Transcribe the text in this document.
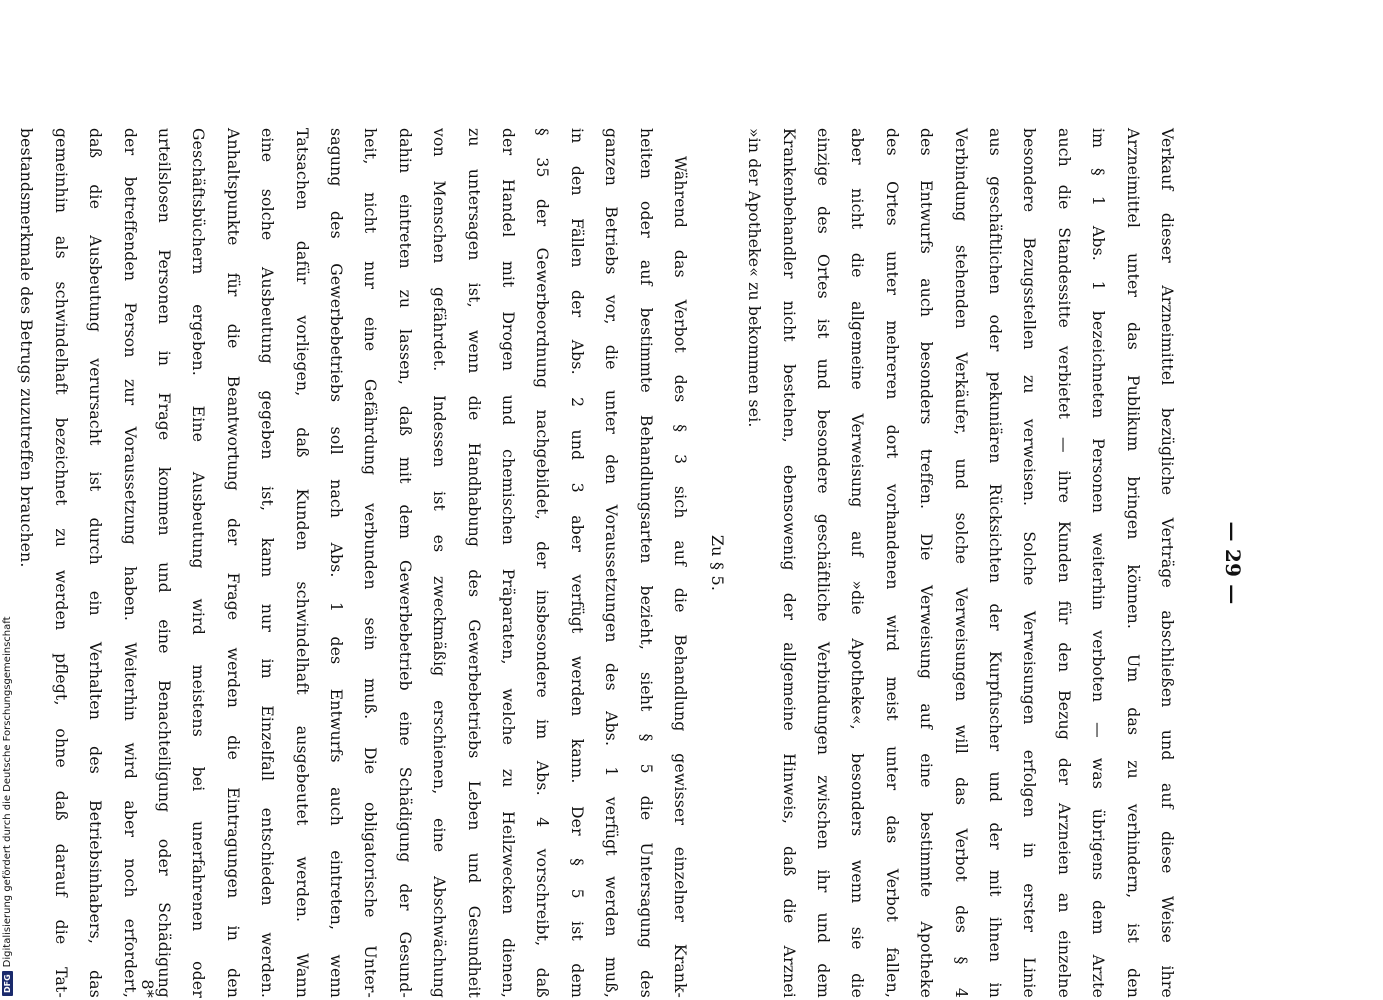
— 29 —
Verkauf dieser Arzneimittel bezügliche Verträge abschließen und auf diese Weise ihre
Arzneimittel unter das Publikum bringen können. Um das zu verhindern, ist den
im § 1 Abs. 1 bezeichneten Personen weiterhin verboten — was übrigens dem Arzte
auch die Standessitte verbietet — ihre Kunden für den Bezug der Arzneien an einzelne
besondere Bezugsstellen zu verweisen. Solche Verweisungen erfolgen in erster Linie
aus geschäftlichen oder pekuniären Rücksichten der Kurpfuscher und der mit ihnen in
Verbindung stehenden Verkäufer, und solche Verweisungen will das Verbot des § 4
des Entwurfs auch besonders treffen. Die Verweisung auf eine bestimmte Apotheke
des Ortes unter mehreren dort vorhandenen wird meist unter das Verbot fallen,
aber nicht die allgemeine Verweisung auf »die Apotheke«, besonders wenn sie die
einzige des Ortes ist und besondere geschäftliche Verbindungen zwischen ihr und dem
Krankenbehandler nicht bestehen, ebensowenig der allgemeine Hinweis, daß die Arznei
»in der Apotheke« zu bekommen sei.
Zu § 5.
Während das Verbot des § 3 sich auf die Behandlung gewisser einzelner Krank-
heiten oder auf bestimmte Behandlungsarten bezieht, sieht § 5 die Untersagung des
ganzen Betriebs vor, die unter den Voraussetzungen des Abs. 1 verfügt werden muß,
in den Fällen der Abs. 2 und 3 aber verfügt werden kann. Der § 5 ist dem
§ 35 der Gewerbeordnung nachgebildet, der insbesondere im Abs. 4 vorschreibt, daß
der Handel mit Drogen und chemischen Präparaten, welche zu Heilzwecken dienen,
zu untersagen ist, wenn die Handhabung des Gewerbebetriebs Leben und Gesundheit
von Menschen gefährdet. Indessen ist es zweckmäßig erschienen, eine Abschwächung
dahin eintreten zu lassen, daß mit dem Gewerbebetrieb eine Schädigung der Gesund-
heit, nicht nur eine Gefährdung verbunden sein muß. Die obligatorische Unter-
sagung des Gewerbebetriebs soll nach Abs. 1 des Entwurfs auch eintreten, wenn
Tatsachen dafür vorliegen, daß Kunden schwindelhaft ausgebeutet werden. Wann
eine solche Ausbeutung gegeben ist, kann nur im Einzelfall entschieden werden.
Anhaltspunkte für die Beantwortung der Frage werden die Eintragungen in den
Geschäftsbüchern ergeben. Eine Ausbeutung wird meistens bei unerfahrenen oder
urteilslosen Personen in Frage kommen und eine Benachteiligung oder Schädigung
der betreffenden Person zur Voraussetzung haben. Weiterhin wird aber noch erfordert,
daß die Ausbeutung verursacht ist durch ein Verhalten des Betriebsinhabers, das
gemeinhin als schwindelhaft bezeichnet zu werden pflegt, ohne daß darauf die Tat-
bestandsmerkmale des Betrugs zuzutreffen brauchen.
8*
DFG
Digitalisierung gefördert durch die Deutsche Forschungsgemeinschaft
